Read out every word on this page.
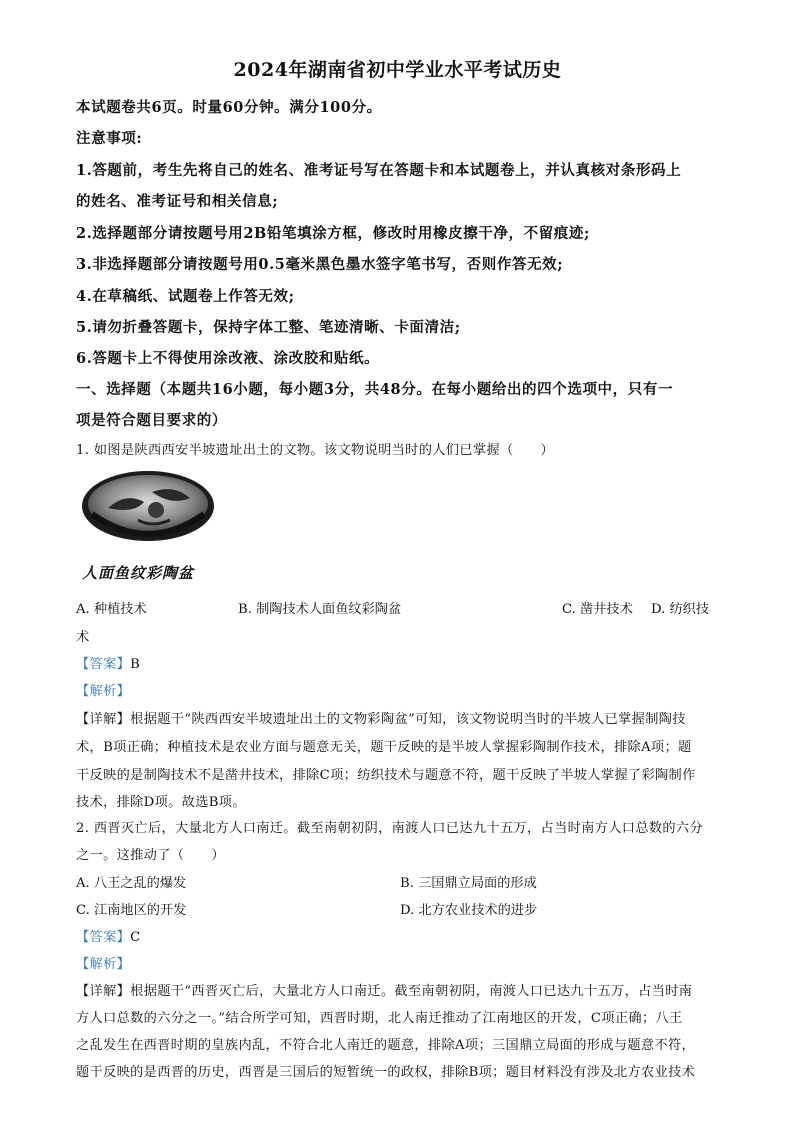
2024年湖南省初中学业水平考试历史
本试题卷共6页。时量60分钟。满分100分。
注意事项:
1.答题前，考生先将自己的姓名、准考证号写在答题卡和本试题卷上，并认真核对条形码上
的姓名、准考证号和相关信息;
2.选择题部分请按题号用2B铅笔填涂方框，修改时用橡皮擦干净，不留痕迹;
3.非选择题部分请按题号用0.5毫米黑色墨水签字笔书写，否则作答无效;
4.在草稿纸、试题卷上作答无效;
5.请勿折叠答题卡，保持字体工整、笔迹清晰、卡面清洁;
6.答题卡上不得使用涂改液、涂改胶和贴纸。
一、选择题（本题共16小题，每小题3分，共48分。在每小题给出的四个选项中，只有一
项是符合题目要求的）
1. 如图是陕西西安半坡遗址出土的文物。该文物说明当时的人们已掌握（　　）
人面鱼纹彩陶盆
A. 种植技术	B. 制陶技术人面鱼纹彩陶盆	C. 凿井技术 D. 纺织技
术
【答案】B
【解析】
【详解】根据题干“陕西西安半坡遗址出土的文物彩陶盆”可知，该文物说明当时的半坡人已掌握制陶技
术，B项正确；种植技术是农业方面与题意无关，题干反映的是半坡人掌握彩陶制作技术，排除A项；题
干反映的是制陶技术不是凿井技术，排除C项；纺织技术与题意不符，题干反映了半坡人掌握了彩陶制作
技术，排除D项。故选B项。
2. 西晋灭亡后，大量北方人口南迁。截至南朝初阴，南渡人口已达九十五万，占当时南方人口总数的六分
之一。这推动了（　　）
A. 八王之乱的爆发	B. 三国鼎立局面的形成
C. 江南地区的开发	D. 北方农业技术的进步
【答案】C
【解析】
【详解】根据题干“西晋灭亡后，大量北方人口南迁。截至南朝初阴，南渡人口已达九十五万，占当时南
方人口总数的六分之一。”结合所学可知，西晋时期，北人南迁推动了江南地区的开发，C项正确；八王
之乱发生在西晋时期的皇族内乱，不符合北人南迁的题意，排除A项；三国鼎立局面的形成与题意不符，
题干反映的是西晋的历史，西晋是三国后的短暂统一的政权，排除B项；题目材料没有涉及北方农业技术
